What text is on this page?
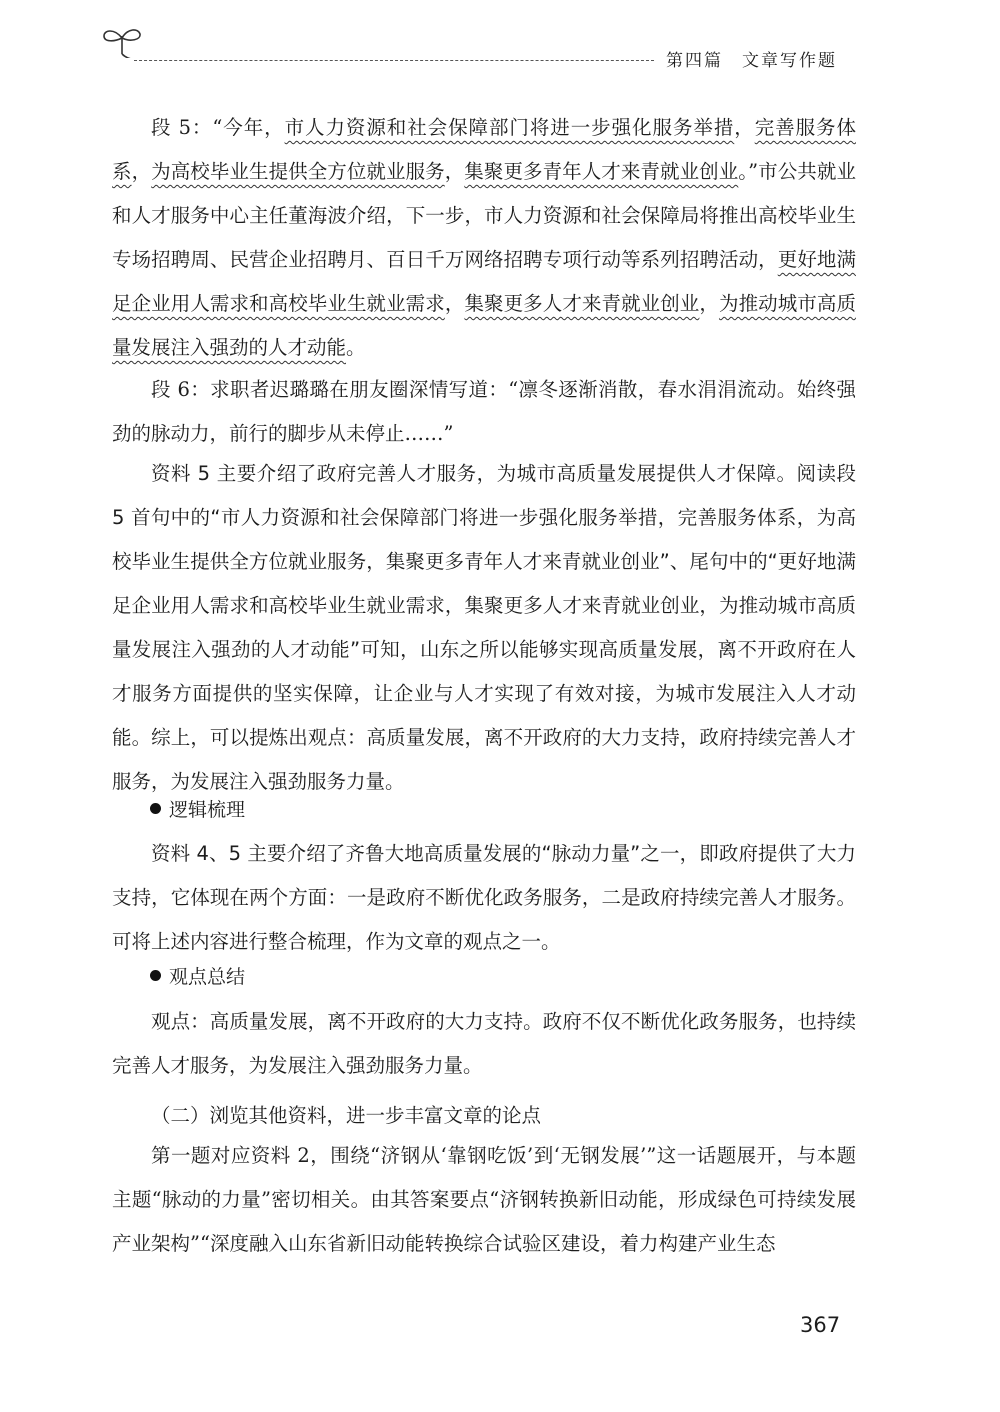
第四篇　文章写作题
段 5：“今年，市人力资源和社会保障部门将进一步强化服务举措，完善服务体系，为高校毕业生提供全方位就业服务，集聚更多青年人才来青就业创业。”市公共就业和人才服务中心主任董海波介绍，下一步，市人力资源和社会保障局将推出高校毕业生专场招聘周、民营企业招聘月、百日千万网络招聘专项行动等系列招聘活动，更好地满足企业用人需求和高校毕业生就业需求，集聚更多人才来青就业创业，为推动城市高质量发展注入强劲的人才动能。
段 6：求职者迟璐璐在朋友圈深情写道：“凛冬逐渐消散，春水涓涓流动。始终强劲的脉动力，前行的脚步从未停止……”
资料 5 主要介绍了政府完善人才服务，为城市高质量发展提供人才保障。阅读段 5 首句中的“市人力资源和社会保障部门将进一步强化服务举措，完善服务体系，为高校毕业生提供全方位就业服务，集聚更多青年人才来青就业创业”、尾句中的“更好地满足企业用人需求和高校毕业生就业需求，集聚更多人才来青就业创业，为推动城市高质量发展注入强劲的人才动能”可知，山东之所以能够实现高质量发展，离不开政府在人才服务方面提供的坚实保障，让企业与人才实现了有效对接，为城市发展注入人才动能。综上，可以提炼出观点：高质量发展，离不开政府的大力支持，政府持续完善人才服务，为发展注入强劲服务力量。
逻辑梳理
资料 4、5 主要介绍了齐鲁大地高质量发展的“脉动力量”之一，即政府提供了大力支持，它体现在两个方面：一是政府不断优化政务服务，二是政府持续完善人才服务。可将上述内容进行整合梳理，作为文章的观点之一。
观点总结
观点：高质量发展，离不开政府的大力支持。政府不仅不断优化政务服务，也持续完善人才服务，为发展注入强劲服务力量。
（二）浏览其他资料，进一步丰富文章的论点
第一题对应资料 2，围绕“济钢从‘靠钢吃饭’到‘无钢发展’”这一话题展开，与本题主题“脉动的力量”密切相关。由其答案要点“济钢转换新旧动能，形成绿色可持续发展产业架构”“深度融入山东省新旧动能转换综合试验区建设，着力构建产业生态
367
